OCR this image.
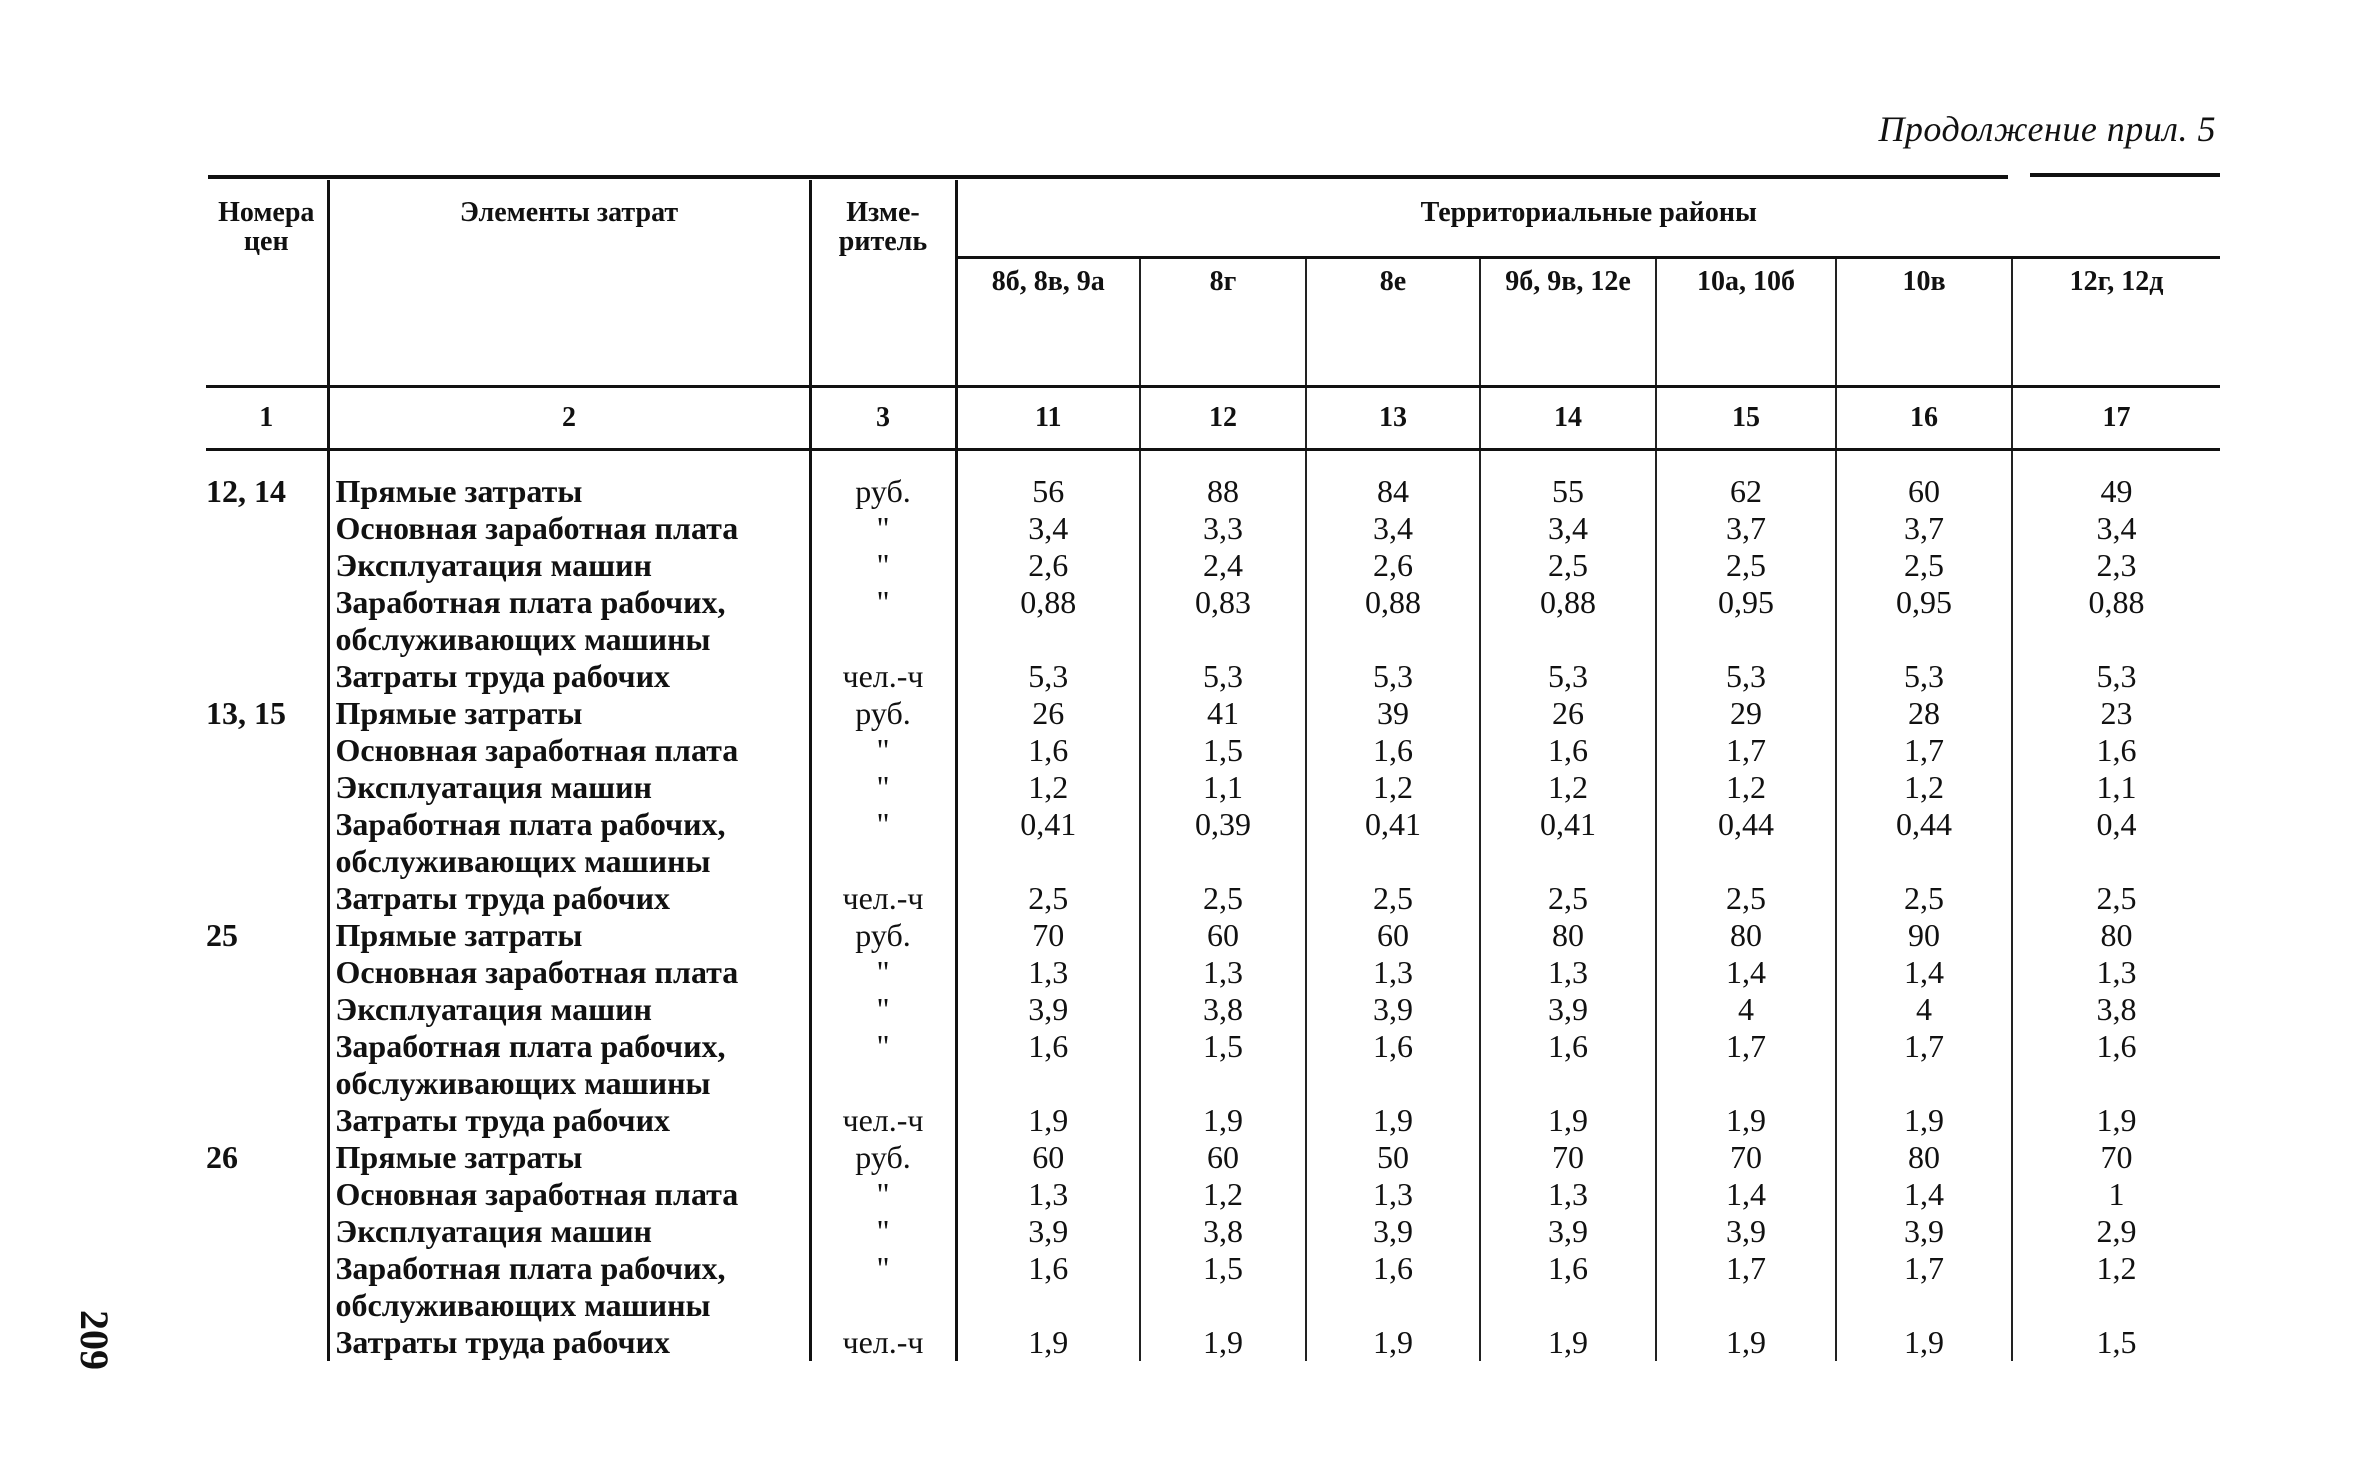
Продолжение прил. 5
209
Номера цен	Элементы затрат	Изме-ритель	Территориальные районы						
			8б, 8в, 9а	8г	8е	9б, 9в, 12е	10а, 10б	10в	12г, 12д
1	2	3	11	12	13	14	15	16	17
12, 14	Прямые затраты	руб.	56	88	84	55	62	60	49
	Основная заработная плата	"	3,4	3,3	3,4	3,4	3,7	3,7	3,4
	Эксплуатация машин	"	2,6	2,4	2,6	2,5	2,5	2,5	2,3
	Заработная плата рабочих, обслуживающих машины	"	0,88	0,83	0,88	0,88	0,95	0,95	0,88
	Затраты труда рабочих	чел.-ч	5,3	5,3	5,3	5,3	5,3	5,3	5,3
13, 15	Прямые затраты	руб.	26	41	39	26	29	28	23
	Основная заработная плата	"	1,6	1,5	1,6	1,6	1,7	1,7	1,6
	Эксплуатация машин	"	1,2	1,1	1,2	1,2	1,2	1,2	1,1
	Заработная плата рабочих, обслуживающих машины	"	0,41	0,39	0,41	0,41	0,44	0,44	0,4
	Затраты труда рабочих	чел.-ч	2,5	2,5	2,5	2,5	2,5	2,5	2,5
25	Прямые затраты	руб.	70	60	60	80	80	90	80
	Основная заработная плата	"	1,3	1,3	1,3	1,3	1,4	1,4	1,3
	Эксплуатация машин	"	3,9	3,8	3,9	3,9	4	4	3,8
	Заработная плата рабочих, обслуживающих машины	"	1,6	1,5	1,6	1,6	1,7	1,7	1,6
	Затраты труда рабочих	чел.-ч	1,9	1,9	1,9	1,9	1,9	1,9	1,9
26	Прямые затраты	руб.	60	60	50	70	70	80	70
	Основная заработная плата	"	1,3	1,2	1,3	1,3	1,4	1,4	1
	Эксплуатация машин	"	3,9	3,8	3,9	3,9	3,9	3,9	2,9
	Заработная плата рабочих, обслуживающих машины	"	1,6	1,5	1,6	1,6	1,7	1,7	1,2
	Затраты труда рабочих	чел.-ч	1,9	1,9	1,9	1,9	1,9	1,9	1,5
